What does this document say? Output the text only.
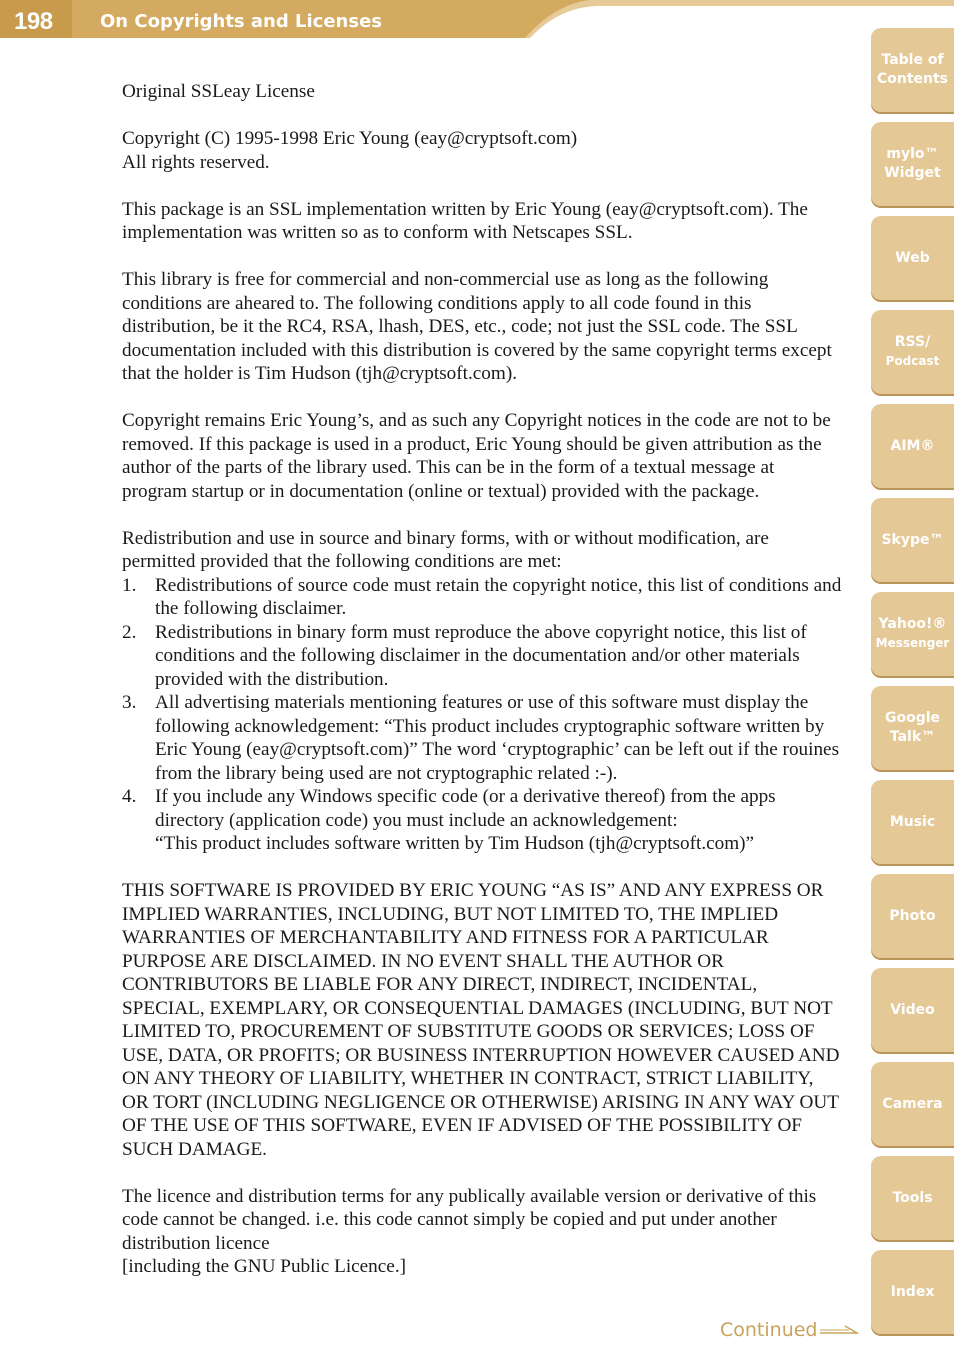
198	On Copyrights and Licenses

Original SSLeay License

Copyright (C) 1995-1998 Eric Young (eay@cryptsoft.com)
All rights reserved.

This package is an SSL implementation written by Eric Young (eay@cryptsoft.com). The implementation was written so as to conform with Netscapes SSL.

This library is free for commercial and non-commercial use as long as the following conditions are aheared to. The following conditions apply to all code found in this distribution, be it the RC4, RSA, lhash, DES, etc., code; not just the SSL code. The SSL documentation included with this distribution is covered by the same copyright terms except that the holder is Tim Hudson (tjh@cryptsoft.com).

Copyright remains Eric Young’s, and as such any Copyright notices in the code are not to be removed. If this package is used in a product, Eric Young should be given attribution as the author of the parts of the library used. This can be in the form of a textual message at program startup or in documentation (online or textual) provided with the package.

Redistribution and use in source and binary forms, with or without modification, are permitted provided that the following conditions are met:

1. Redistributions of source code must retain the copyright notice, this list of conditions and the following disclaimer.
2. Redistributions in binary form must reproduce the above copyright notice, this list of conditions and the following disclaimer in the documentation and/or other materials provided with the distribution.
3. All advertising materials mentioning features or use of this software must display the following acknowledgement: “This product includes cryptographic software written by Eric Young (eay@cryptsoft.com)” The word ‘cryptographic’ can be left out if the rouines from the library being used are not cryptographic related :-).
4. If you include any Windows specific code (or a derivative thereof) from the apps directory (application code) you must include an acknowledgement:
“This product includes software written by Tim Hudson (tjh@cryptsoft.com)”

THIS SOFTWARE IS PROVIDED BY ERIC YOUNG “AS IS” AND ANY EXPRESS OR IMPLIED WARRANTIES, INCLUDING, BUT NOT LIMITED TO, THE IMPLIED WARRANTIES OF MERCHANTABILITY AND FITNESS FOR A PARTICULAR PURPOSE ARE DISCLAIMED. IN NO EVENT SHALL THE AUTHOR OR CONTRIBUTORS BE LIABLE FOR ANY DIRECT, INDIRECT, INCIDENTAL, SPECIAL, EXEMPLARY, OR CONSEQUENTIAL DAMAGES (INCLUDING, BUT NOT LIMITED TO, PROCUREMENT OF SUBSTITUTE GOODS OR SERVICES; LOSS OF USE, DATA, OR PROFITS; OR BUSINESS INTERRUPTION HOWEVER CAUSED AND ON ANY THEORY OF LIABILITY, WHETHER IN CONTRACT, STRICT LIABILITY, OR TORT (INCLUDING NEGLIGENCE OR OTHERWISE) ARISING IN ANY WAY OUT OF THE USE OF THIS SOFTWARE, EVEN IF ADVISED OF THE POSSIBILITY OF SUCH DAMAGE.

The licence and distribution terms for any publically available version or derivative of this code cannot be changed. i.e. this code cannot simply be copied and put under another distribution licence
[including the GNU Public Licence.]

Continued
Table of
Contents
mylo™
Widget
Web
RSS/
Podcast
AIM®
Skype™
Yahoo!®
Messenger
Google
Talk™
Music
Photo
Video
Camera
Tools
Index
